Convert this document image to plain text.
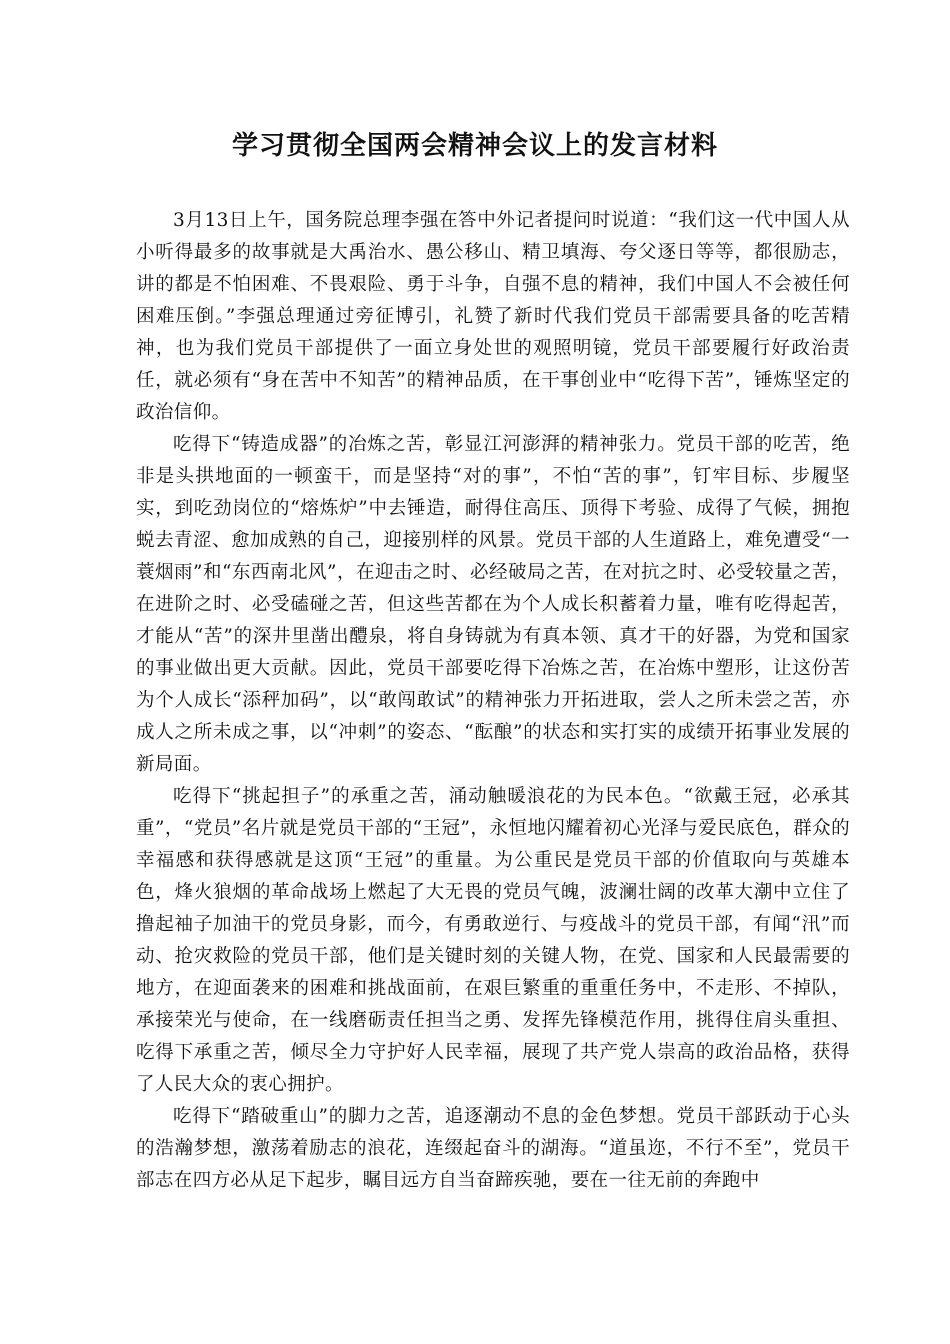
学习贯彻全国两会精神会议上的发言材料

3月13日上午，国务院总理李强在答中外记者提问时说道：“我们这一代中国人从小听得最多的故事就是大禹治水、愚公移山、精卫填海、夸父逐日等等，都很励志，讲的都是不怕困难、不畏艰险、勇于斗争，自强不息的精神，我们中国人不会被任何困难压倒。”李强总理通过旁征博引，礼赞了新时代我们党员干部需要具备的吃苦精神，也为我们党员干部提供了一面立身处世的观照明镜，党员干部要履行好政治责任，就必须有“身在苦中不知苦”的精神品质，在干事创业中“吃得下苦”，锤炼坚定的政治信仰。

吃得下“铸造成器”的冶炼之苦，彰显江河澎湃的精神张力。党员干部的吃苦，绝非是头拱地面的一顿蛮干，而是坚持“对的事”，不怕“苦的事”，钉牢目标、步履坚实，到吃劲岗位的“熔炼炉”中去锤造，耐得住高压、顶得下考验、成得了气候，拥抱蜕去青涩、愈加成熟的自己，迎接别样的风景。党员干部的人生道路上，难免遭受“一蓑烟雨”和“东西南北风”，在迎击之时、必经破局之苦，在对抗之时、必受较量之苦，在进阶之时、必受磕碰之苦，但这些苦都在为个人成长积蓄着力量，唯有吃得起苦，才能从“苦”的深井里凿出醴泉，将自身铸就为有真本领、真才干的好器，为党和国家的事业做出更大贡献。因此，党员干部要吃得下冶炼之苦，在冶炼中塑形，让这份苦为个人成长“添秤加码”，以“敢闯敢试”的精神张力开拓进取，尝人之所未尝之苦，亦成人之所未成之事，以“冲刺”的姿态、“酝酿”的状态和实打实的成绩开拓事业发展的新局面。

吃得下“挑起担子”的承重之苦，涌动触暖浪花的为民本色。“欲戴王冠，必承其重”，“党员”名片就是党员干部的“王冠”，永恒地闪耀着初心光泽与爱民底色，群众的幸福感和获得感就是这顶“王冠”的重量。为公重民是党员干部的价值取向与英雄本色，烽火狼烟的革命战场上燃起了大无畏的党员气魄，波澜壮阔的改革大潮中立住了撸起袖子加油干的党员身影，而今，有勇敢逆行、与疫战斗的党员干部，有闻“汛”而动、抢灾救险的党员干部，他们是关键时刻的关键人物，在党、国家和人民最需要的地方，在迎面袭来的困难和挑战面前，在艰巨繁重的重重任务中，不走形、不掉队，承接荣光与使命，在一线磨砺责任担当之勇、发挥先锋模范作用，挑得住肩头重担、吃得下承重之苦，倾尽全力守护好人民幸福，展现了共产党人崇高的政治品格，获得了人民大众的衷心拥护。

吃得下“踏破重山”的脚力之苦，追逐潮动不息的金色梦想。党员干部跃动于心头的浩瀚梦想，激荡着励志的浪花，连缀起奋斗的湖海。“道虽迩，不行不至”，党员干部志在四方必从足下起步，瞩目远方自当奋蹄疾驰，要在一往无前的奔跑中
